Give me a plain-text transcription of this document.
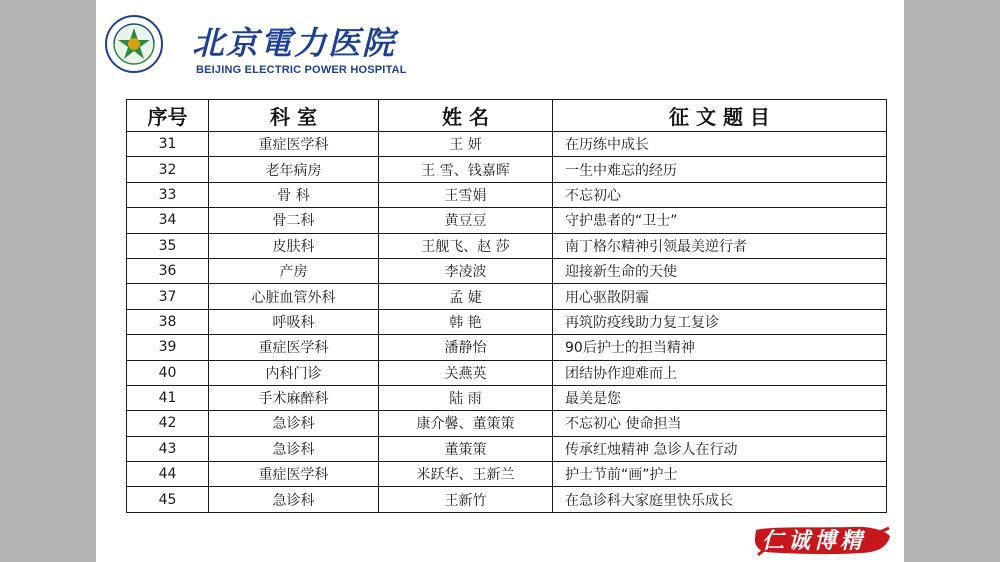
北京電力医院
BEIJING ELECTRIC POWER HOSPITAL
序号	科 室	姓 名	征 文 题 目
31	重症医学科	王 妍	在历练中成长
32	老年病房	王 雪、钱嘉晖	一生中难忘的经历
33	骨 科	王雪娟	不忘初心
34	骨二科	黄豆豆	守护患者的“卫士”
35	皮肤科	王舰飞、赵 莎	南丁格尔精神引领最美逆行者
36	产房	李凌波	迎接新生命的天使
37	心脏血管外科	孟 婕	用心驱散阴霾
38	呼吸科	韩 艳	再筑防疫线助力复工复诊
39	重症医学科	潘静怡	90后护士的担当精神
40	内科门诊	关燕英	团结协作迎难而上
41	手术麻醉科	陆 雨	最美是您
42	急诊科	康介馨、董策策	不忘初心 使命担当
43	急诊科	董策策	传承红烛精神 急诊人在行动
44	重症医学科	米跃华、王新兰	护士节前“画”护士
45	急诊科	王新竹	在急诊科大家庭里快乐成长
仁诚博精
